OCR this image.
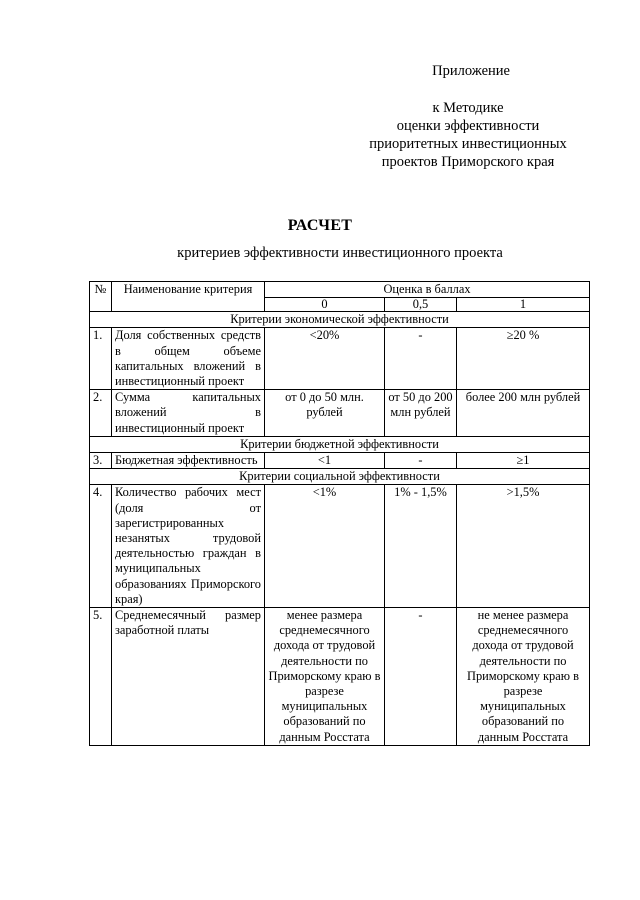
Приложение
к Методике
оценки эффективности
приоритетных инвестиционных
проектов Приморского края
РАСЧЕТ
критериев эффективности инвестиционного проекта
№	Наименование критерия	Оценка в баллах		
		0	0,5	1
Критерии экономической эффективности				
1.	Доля собственных средств в общем объеме капитальных вложений в инвестиционный проект	<20%	-	≥20 %
2.	Сумма капитальных вложений в инвестиционный проект	от 0 до 50 млн. рублей	от 50 до 200 млн рублей	более 200 млн рублей
Критерии бюджетной эффективности				
3.	Бюджетная эффективность	<1	-	≥1
Критерии социальной эффективности				
4.	Количество рабочих мест (доля от зарегистрированных незанятых трудовой деятельностью граждан в муниципальных образованиях Приморского края)	<1%	1% - 1,5%	>1,5%
5.	Среднемесячный размер заработной платы	менее размера среднемесячного дохода от трудовой деятельности по Приморскому краю в разрезе муниципальных образований по данным Росстата	-	не менее размера среднемесячного дохода от трудовой деятельности по Приморскому краю в разрезе муниципальных образований по данным Росстата
